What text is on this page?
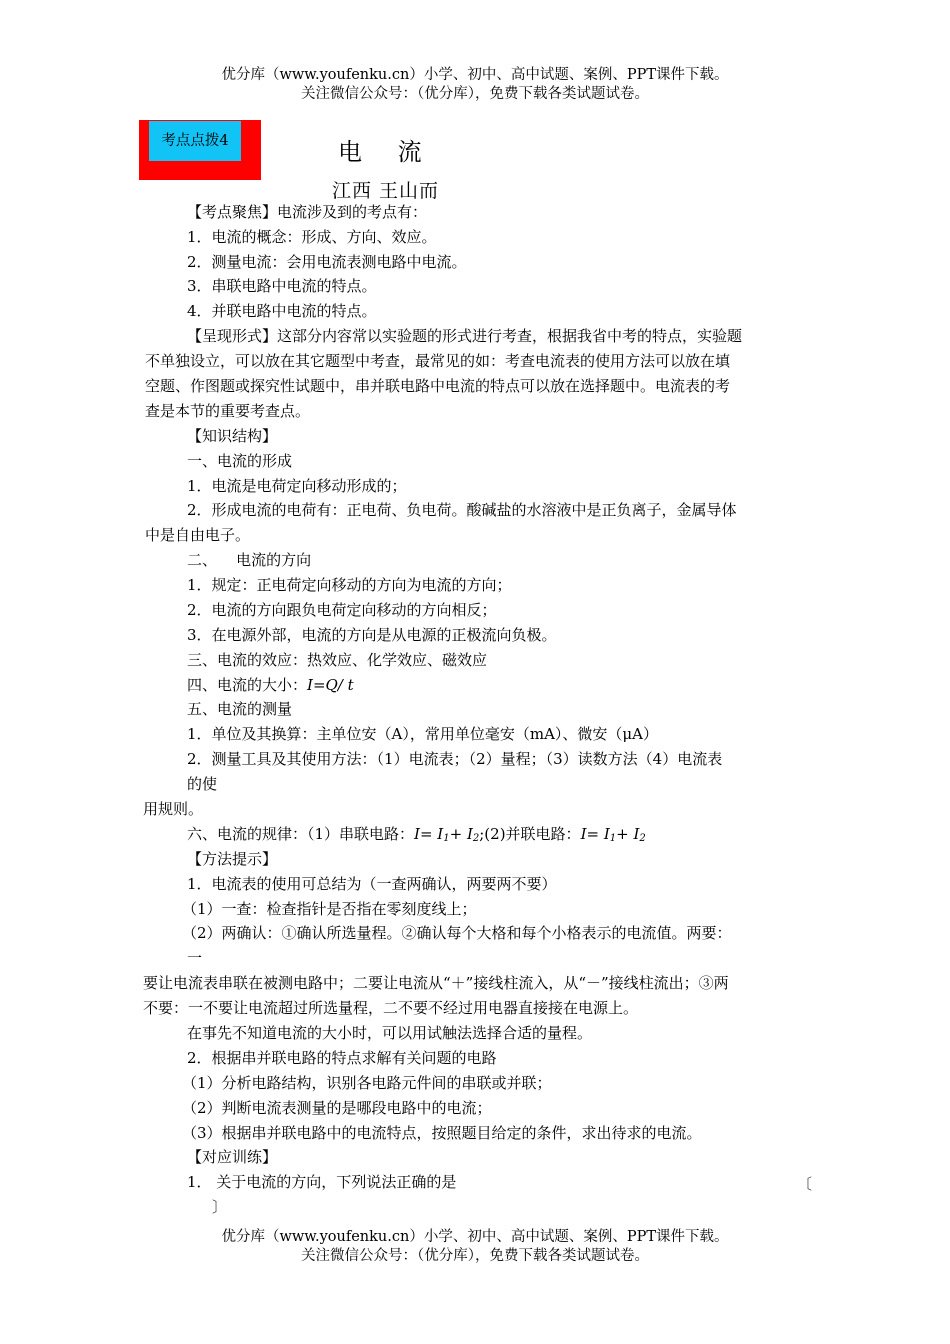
优分库（www.youfenku.cn）小学、初中、高中试题、案例、PPT课件下载。
关注微信公众号：（优分库），免费下载各类试题试卷。
考点点拨4	电 流
江西 王山而
【考点聚焦】电流涉及到的考点有：
1．电流的概念：形成、方向、效应。
2．测量电流：会用电流表测电路中电流。
3．串联电路中电流的特点。
4．并联电路中电流的特点。
【呈现形式】这部分内容常以实验题的形式进行考查，根据我省中考的特点，实验题
不单独设立，可以放在其它题型中考查，最常见的如：考查电流表的使用方法可以放在填
空题、作图题或探究性试题中，串并联电路中电流的特点可以放在选择题中。电流表的考
查是本节的重要考查点。
【知识结构】
一、电流的形成
1．电流是电荷定向移动形成的；
2．形成电流的电荷有：正电荷、负电荷。酸碱盐的水溶液中是正负离子，金属导体
中是自由电子。
二、    电流的方向
1．规定：正电荷定向移动的方向为电流的方向；
2．电流的方向跟负电荷定向移动的方向相反；
3．在电源外部，电流的方向是从电源的正极流向负极。
三、电流的效应：热效应、化学效应、磁效应
四、电流的大小：I=Q/ t
五、电流的测量
1．单位及其换算：主单位安（A），常用单位毫安（mA）、微安（μA）
2．测量工具及其使用方法：（1）电流表；（2）量程；（3）读数方法（4）电流表
的使
用规则。
六、电流的规律：（1）串联电路：$I= I_1+$ $I_2;(2)$并联电路：$I= I_1+ I_2$
【方法提示】
1．电流表的使用可总结为（一查两确认，两要两不要）
（1）一查：检查指针是否指在零刻度线上；
（2）两确认：①确认所选量程。②确认每个大格和每个小格表示的电流值。两要：
一
要让电流表串联在被测电路中；二要让电流从“＋”接线柱流入，从“－”接线柱流出；③两
不要：一不要让电流超过所选量程，二不要不经过用电器直接接在电源上。
在事先不知道电流的大小时，可以用试触法选择合适的量程。
2．根据串并联电路的特点求解有关问题的电路
（1）分析电路结构，识别各电路元件间的串联或并联；
（2）判断电流表测量的是哪段电路中的电流；
（3）根据串并联电路中的电流特点，按照题目给定的条件，求出待求的电流。
【对应训练】
1． 关于电流的方向，下列说法正确的是	〔
〕
优分库（www.youfenku.cn）小学、初中、高中试题、案例、PPT课件下载。
关注微信公众号：（优分库），免费下载各类试题试卷。
